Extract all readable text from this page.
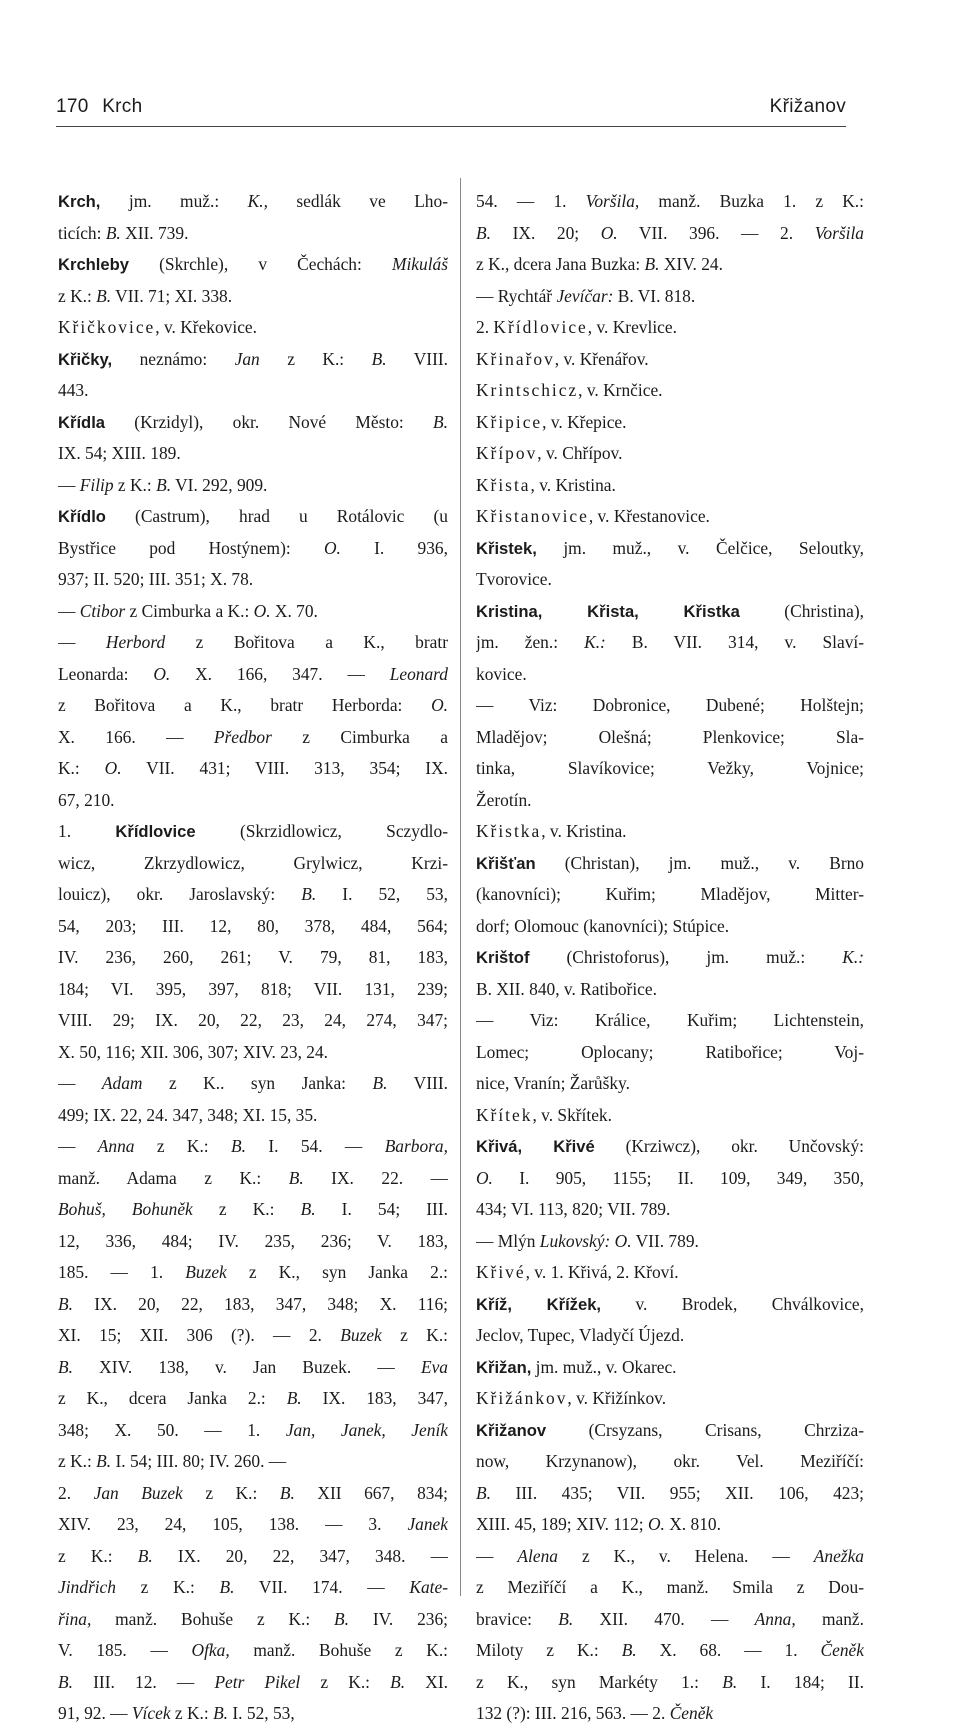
170 Krch	Křižanov
Krch, jm. muž.: K., sedlák ve Lho-
ticích: B. XII. 739.
Krchleby (Skrchle), v Čechách: Mikuláš
z K.: B. VII. 71; XI. 338.
Křičkovice, v. Křekovice.
Křičky, neznámo: Jan z K.: B. VIII.
443.
Křídla (Krzidyl), okr. Nové Město: B.
IX. 54; XIII. 189.
— Filip z K.: B. VI. 292, 909.
Křídlo (Castrum), hrad u Rotálovic (u
Bystřice pod Hostýnem): O. I. 936,
937; II. 520; III. 351; X. 78.
— Ctibor z Cimburka a K.: O. X. 70.
— Herbord z Bořitova a K., bratr
Leonarda: O. X. 166, 347. — Leonard
z Bořitova a K., bratr Herborda: O.
X. 166. — Předbor z Cimburka a
K.: O. VII. 431; VIII. 313, 354; IX.
67, 210.
1. Křídlovice (Skrzidlowicz, Sczydlo-
wicz, Zkrzydlowicz, Grylwicz, Krzi-
louicz), okr. Jaroslavský: B. I. 52, 53,
54, 203; III. 12, 80, 378, 484, 564;
IV. 236, 260, 261; V. 79, 81, 183,
184; VI. 395, 397, 818; VII. 131, 239;
VIII. 29; IX. 20, 22, 23, 24, 274, 347;
X. 50, 116; XII. 306, 307; XIV. 23, 24.
— Adam z K.. syn Janka: B. VIII.
499; IX. 22, 24. 347, 348; XI. 15, 35.
— Anna z K.: B. I. 54. — Barbora,
manž. Adama z K.: B. IX. 22. —
Bohuš, Bohuněk z K.: B. I. 54; III.
12, 336, 484; IV. 235, 236; V. 183,
185. — 1. Buzek z K., syn Janka 2.:
B. IX. 20, 22, 183, 347, 348; X. 116;
XI. 15; XII. 306 (?). — 2. Buzek z K.:
B. XIV. 138, v. Jan Buzek. — Eva
z K., dcera Janka 2.: B. IX. 183, 347,
348; X. 50. — 1. Jan, Janek, Jeník
z K.: B. I. 54; III. 80; IV. 260. —
2. Jan Buzek z K.: B. XII 667, 834;
XIV. 23, 24, 105, 138. — 3. Janek
z K.: B. IX. 20, 22, 347, 348. —
Jindřich z K.: B. VII. 174. — Kate-
řina, manž. Bohuše z K.: B. IV. 236;
V. 185. — Ofka, manž. Bohuše z K.:
B. III. 12. — Petr Pikel z K.: B. XI.
91, 92. — Vícek z K.: B. I. 52, 53,
54. — 1. Voršila, manž. Buzka 1. z K.:
B. IX. 20; O. VII. 396. — 2. Voršila
z K., dcera Jana Buzka: B. XIV. 24.
— Rychtář Jevíčar: B. VI. 818.
2. Křídlovice, v. Krevlice.
Křinařov, v. Křenářov.
Krintschicz, v. Krnčice.
Křipice, v. Křepice.
Křípov, v. Chřípov.
Křista, v. Kristina.
Křistanovice, v. Křestanovice.
Křistek, jm. muž., v. Čelčice, Seloutky,
Tvorovice.
Kristina, Křista, Křistka (Christina),
jm. žen.: K.: B. VII. 314, v. Slaví-
kovice.
— Viz: Dobronice, Dubené; Holštejn;
Mladějov; Olešná; Plenkovice; Sla-
tinka, Slavíkovice; Vežky, Vojnice;
Žerotín.
Křistka, v. Kristina.
Křišťan (Christan), jm. muž., v. Brno
(kanovníci); Kuřim; Mladějov, Mitter-
dorf; Olomouc (kanovníci); Stúpice.
Krištof (Christoforus), jm. muž.: K.:
B. XII. 840, v. Ratibořice.
— Viz: Králice, Kuřim; Lichtenstein,
Lomec; Oplocany; Ratibořice; Voj-
nice, Vranín; Žarůšky.
Křítek, v. Skřítek.
Křivá, Křivé (Krziwcz), okr. Unčovský:
O. I. 905, 1155; II. 109, 349, 350,
434; VI. 113, 820; VII. 789.
— Mlýn Lukovský: O. VII. 789.
Křivé, v. 1. Křivá, 2. Křoví.
Kříž, Křížek, v. Brodek, Chválkovice,
Jeclov, Tupec, Vladyčí Újezd.
Křižan, jm. muž., v. Okarec.
Křižánkov, v. Křižínkov.
Křižanov (Crsyzans, Crisans, Chrziza-
now, Krzynanow), okr. Vel. Meziříčí:
B. III. 435; VII. 955; XII. 106, 423;
XIII. 45, 189; XIV. 112; O. X. 810.
— Alena z K., v. Helena. — Anežka
z Meziříčí a K., manž. Smila z Dou-
bravice: B. XII. 470. — Anna, manž.
Miloty z K.: B. X. 68. — 1. Čeněk
z K., syn Markéty 1.: B. I. 184; II.
132 (?): III. 216, 563. — 2. Čeněk
